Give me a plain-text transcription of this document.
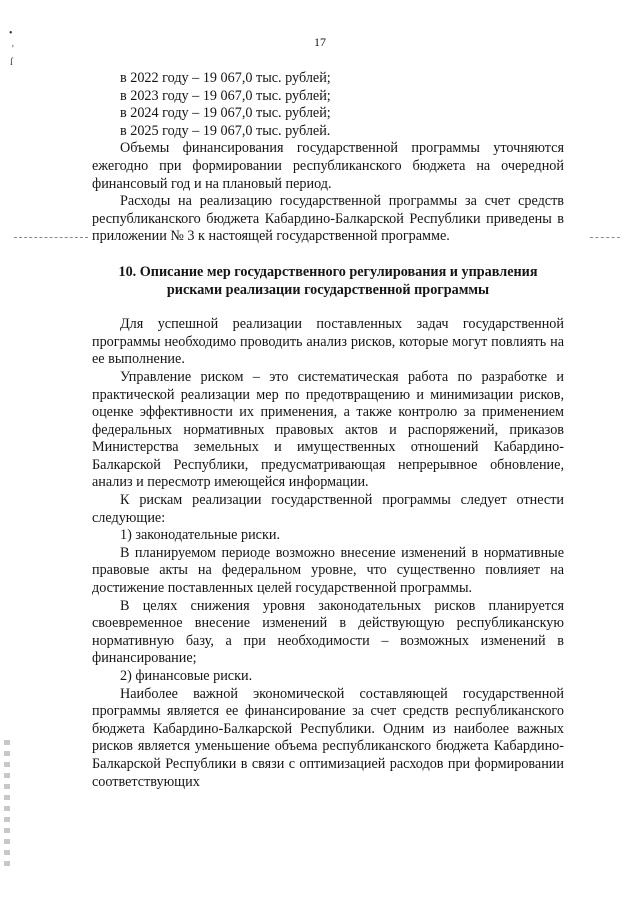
17
•
'
ſ
в 2022 году – 19 067,0 тыс. рублей;
в 2023 году – 19 067,0 тыс. рублей;
в 2024 году – 19 067,0 тыс. рублей;
в 2025 году – 19 067,0 тыс. рублей.

Объемы финансирования государственной программы уточняются ежегодно при формировании республиканского бюджета на очередной финансовый год и на плановый период.

Расходы на реализацию государственной программы за счет средств республиканского бюджета Кабардино-Балкарской Республики приведены в приложении № 3 к настоящей государственной программе.

10. Описание мер государственного регулирования и управления рисками реализации государственной программы

Для успешной реализации поставленных задач государственной программы необходимо проводить анализ рисков, которые могут повлиять на ее выполнение.

Управление риском – это систематическая работа по разработке и практической реализации мер по предотвращению и минимизации рисков, оценке эффективности их применения, а также контролю за применением федеральных нормативных правовых актов и распоряжений, приказов Министерства земельных и имущественных отношений Кабардино-Балкарской Республики, предусматривающая непрерывное обновление, анализ и пересмотр имеющейся информации.

К рискам реализации государственной программы следует отнести следующие:

1) законодательные риски.

В планируемом периоде возможно внесение изменений в нормативные правовые акты на федеральном уровне, что существенно повлияет на достижение поставленных целей государственной программы.

В целях снижения уровня законодательных рисков планируется своевременное внесение изменений в действующую республиканскую нормативную базу, а при необходимости – возможных изменений в финансирование;

2) финансовые риски.

Наиболее важной экономической составляющей государственной программы является ее финансирование за счет средств республиканского бюджета Кабардино-Балкарской Республики. Одним из наиболее важных рисков является уменьшение объема республиканского бюджета Кабардино-Балкарской Республики в связи с оптимизацией расходов при формировании соответствующих
